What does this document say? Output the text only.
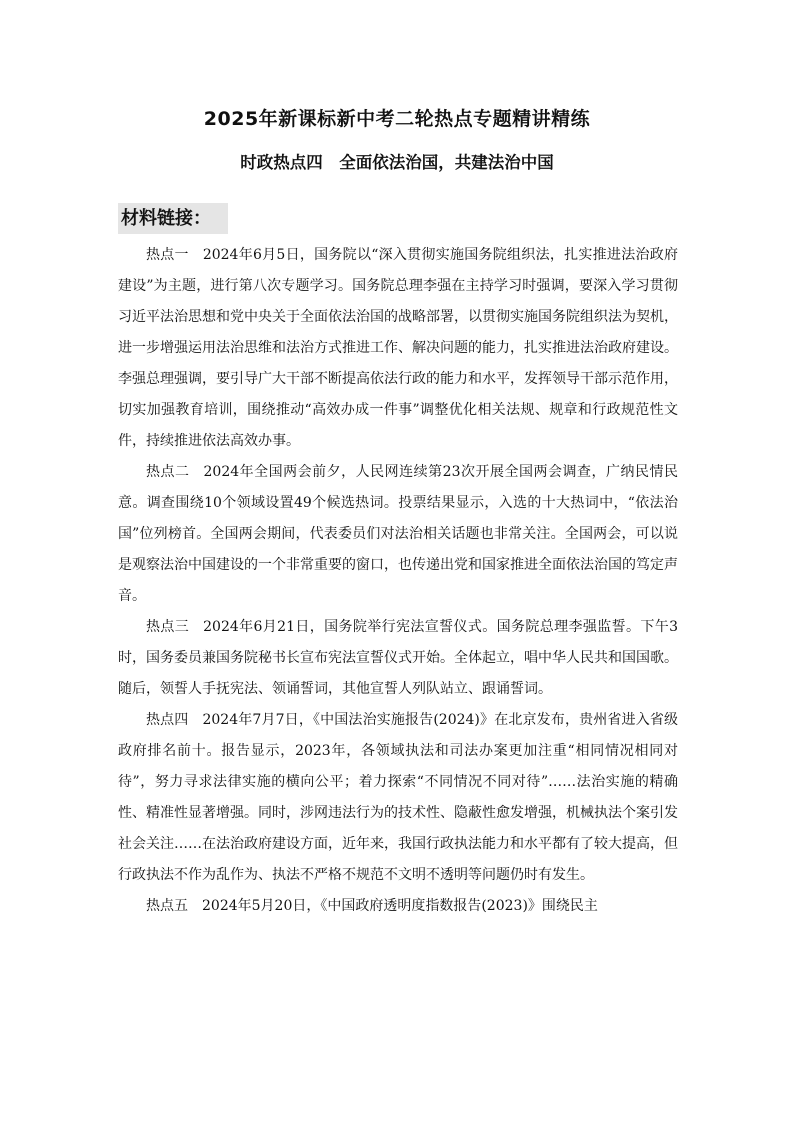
2025年新课标新中考二轮热点专题精讲精练
时政热点四　全面依法治国，共建法治中国
材料链接：

热点一 2024年6月5日，国务院以“深入贯彻实施国务院组织法，扎实推进法治政府建设”为主题，进行第八次专题学习。国务院总理李强在主持学习时强调，要深入学习贯彻习近平法治思想和党中央关于全面依法治国的战略部署，以贯彻实施国务院组织法为契机，进一步增强运用法治思维和法治方式推进工作、解决问题的能力，扎实推进法治政府建设。李强总理强调，要引导广大干部不断提高依法行政的能力和水平，发挥领导干部示范作用，切实加强教育培训，围绕推动“高效办成一件事”调整优化相关法规、规章和行政规范性文件，持续推进依法高效办事。

热点二 2024年全国两会前夕，人民网连续第23次开展全国两会调查，广纳民情民意。调查围绕10个领域设置49个候选热词。投票结果显示，入选的十大热词中，“依法治国”位列榜首。全国两会期间，代表委员们对法治相关话题也非常关注。全国两会，可以说是观察法治中国建设的一个非常重要的窗口，也传递出党和国家推进全面依法治国的笃定声音。

热点三 2024年6月21日，国务院举行宪法宣誓仪式。国务院总理李强监誓。下午3时，国务委员兼国务院秘书长宣布宪法宣誓仪式开始。全体起立，唱中华人民共和国国歌。随后，领誓人手抚宪法、领诵誓词，其他宣誓人列队站立、跟诵誓词。

热点四 2024年7月7日，《中国法治实施报告(2024)》在北京发布，贵州省进入省级政府排名前十。报告显示，2023年，各领域执法和司法办案更加注重“相同情况相同对待”，努力寻求法律实施的横向公平；着力探索“不同情况不同对待”……法治实施的精确性、精准性显著增强。同时，涉网违法行为的技术性、隐蔽性愈发增强，机械执法个案引发社会关注……在法治政府建设方面，近年来，我国行政执法能力和水平都有了较大提高，但行政执法不作为乱作为、执法不严格不规范不文明不透明等问题仍时有发生。

热点五 2024年5月20日，《中国政府透明度指数报告(2023)》围绕民主
